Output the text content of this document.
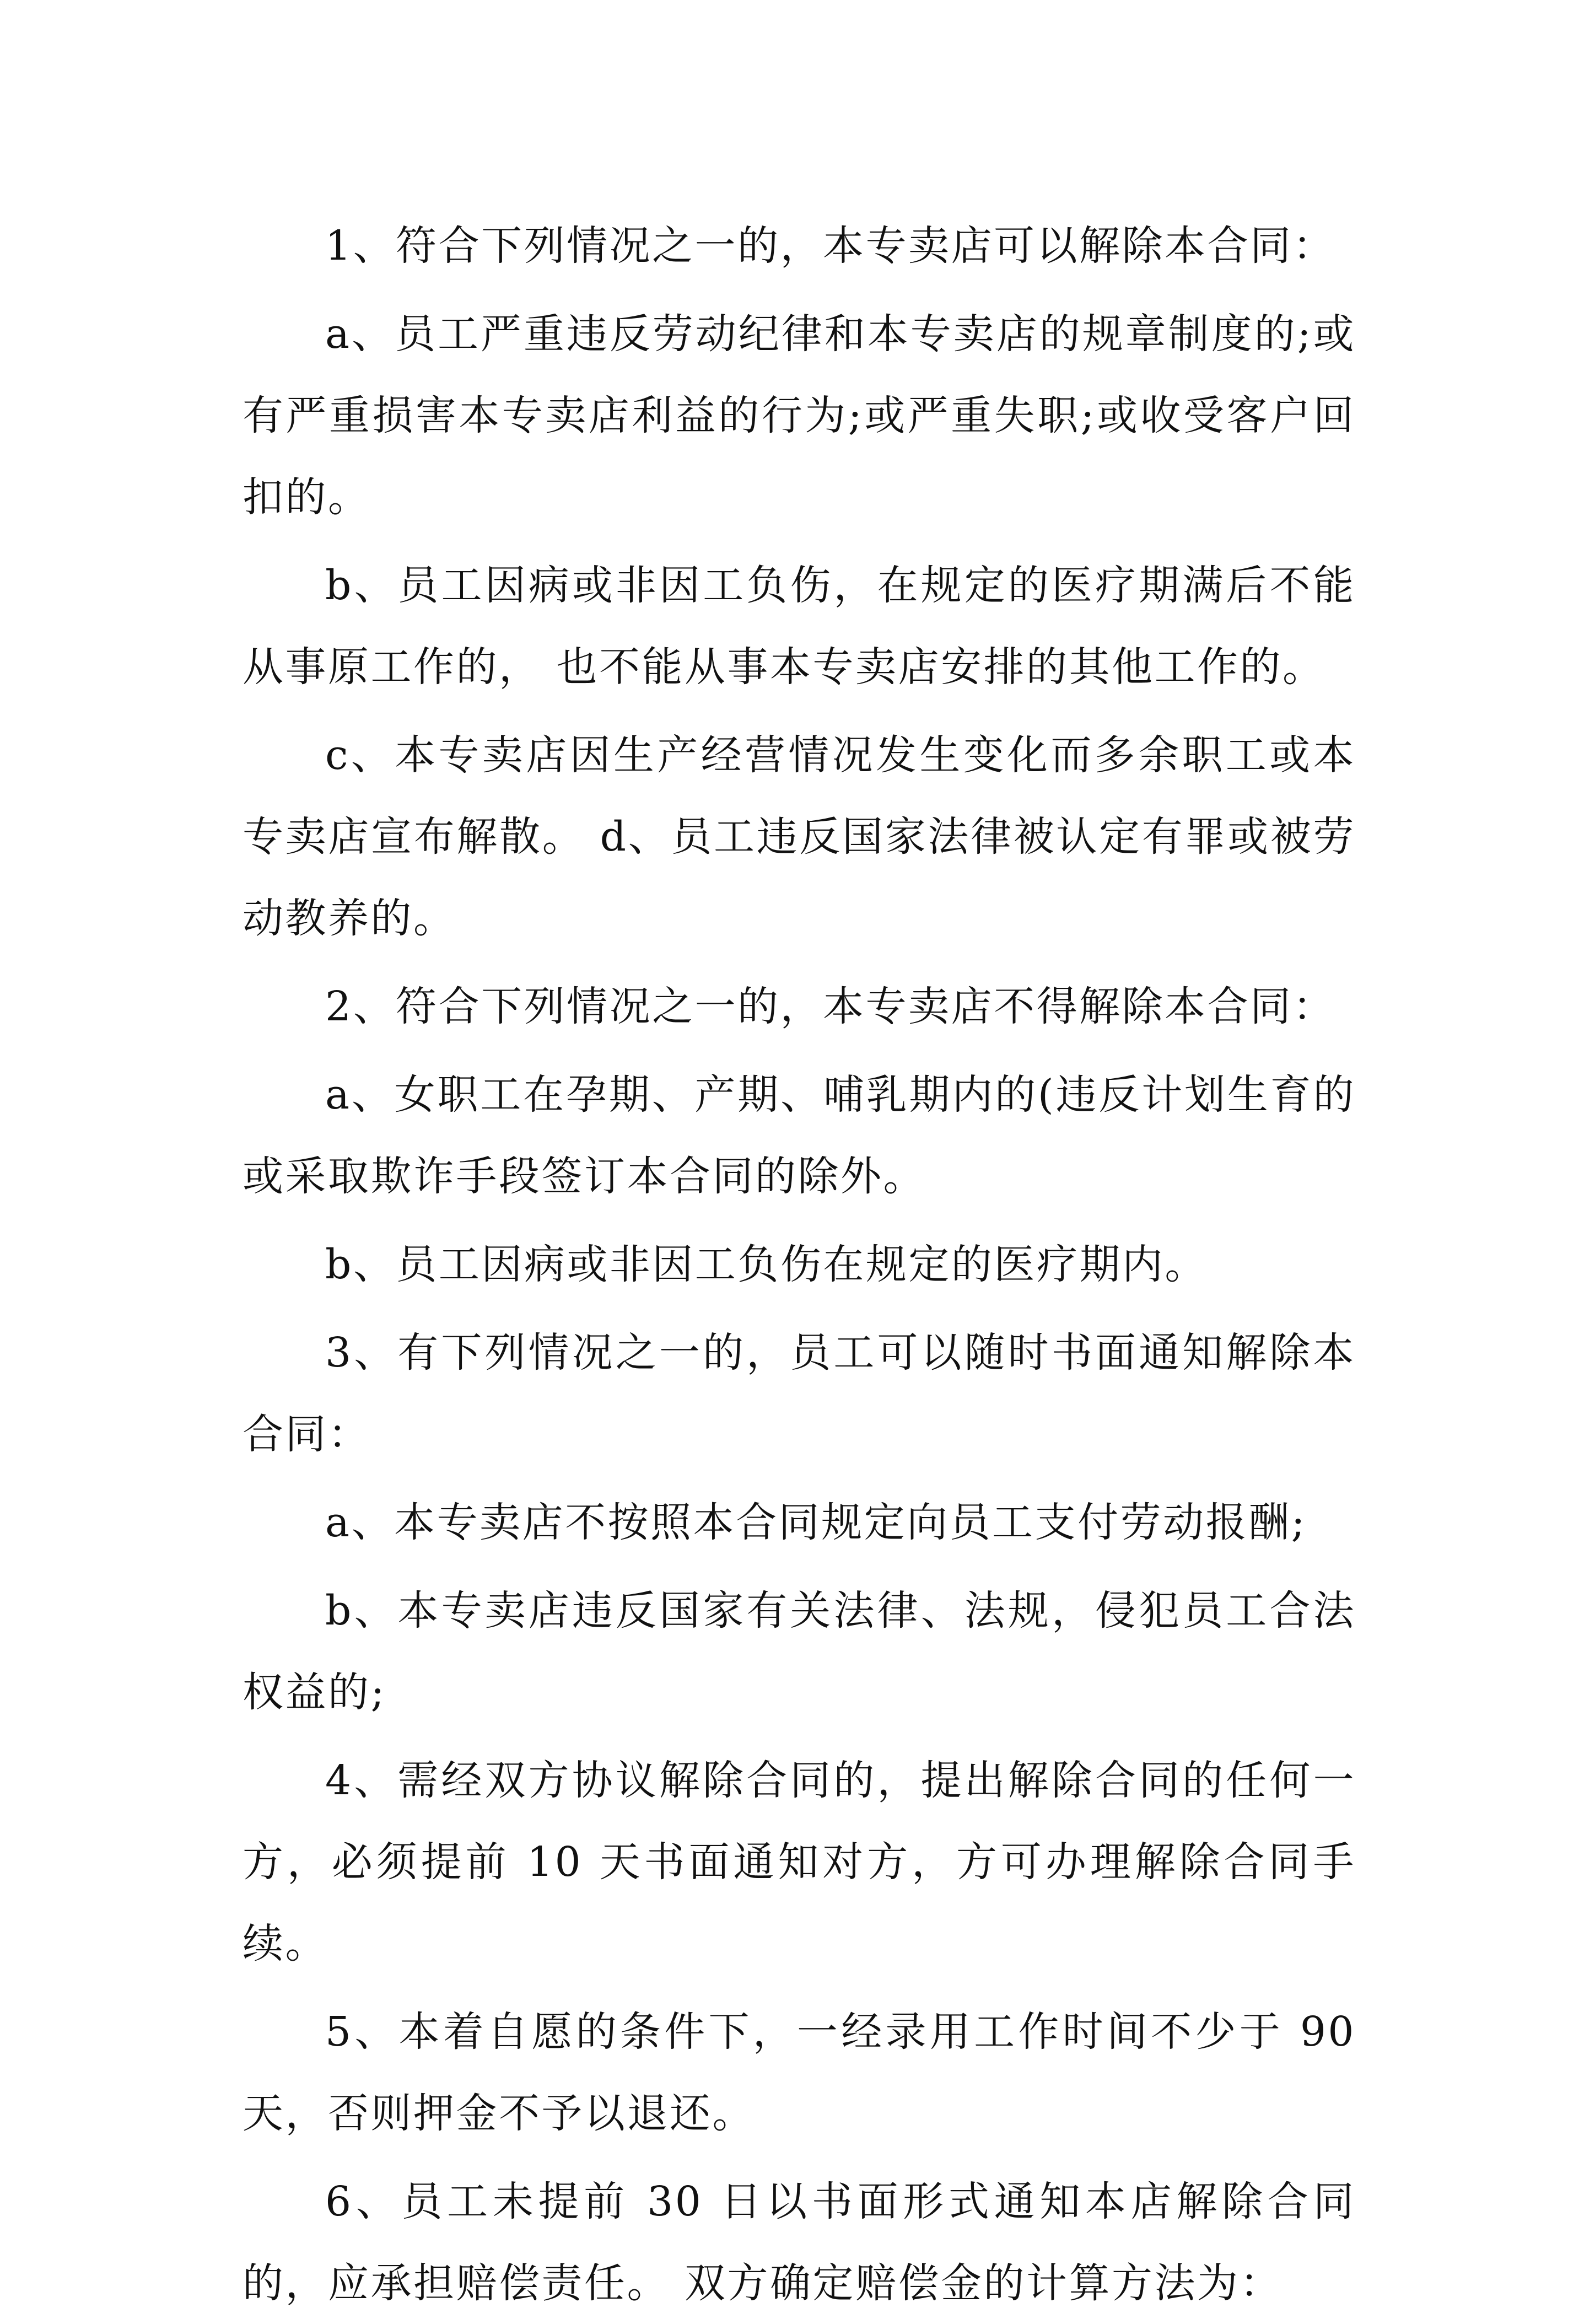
1、符合下列情况之一的，本专卖店可以解除本合同：

a、员工严重违反劳动纪律和本专卖店的规章制度的;或有严重损害本专卖店利益的行为;或严重失职;或收受客户回扣的。

b、员工因病或非因工负伤，在规定的医疗期满后不能从事原工作的， 也不能从事本专卖店安排的其他工作的。

c、本专卖店因生产经营情况发生变化而多余职工或本专卖店宣布解散。 d、员工违反国家法律被认定有罪或被劳动教养的。

2、符合下列情况之一的，本专卖店不得解除本合同：

a、女职工在孕期、产期、哺乳期内的(违反计划生育的或采取欺诈手段签订本合同的除外。

b、员工因病或非因工负伤在规定的医疗期内。

3、有下列情况之一的，员工可以随时书面通知解除本合同：

a、本专卖店不按照本合同规定向员工支付劳动报酬;

b、本专卖店违反国家有关法律、法规，侵犯员工合法权益的;

4、需经双方协议解除合同的，提出解除合同的任何一方，必须提前 10 天书面通知对方，方可办理解除合同手续。

5、本着自愿的条件下，一经录用工作时间不少于 90 天，否则押金不予以退还。

6、员工未提前 30 日以书面形式通知本店解除合同的，应承担赔偿责任。 双方确定赔偿金的计算方法为：
